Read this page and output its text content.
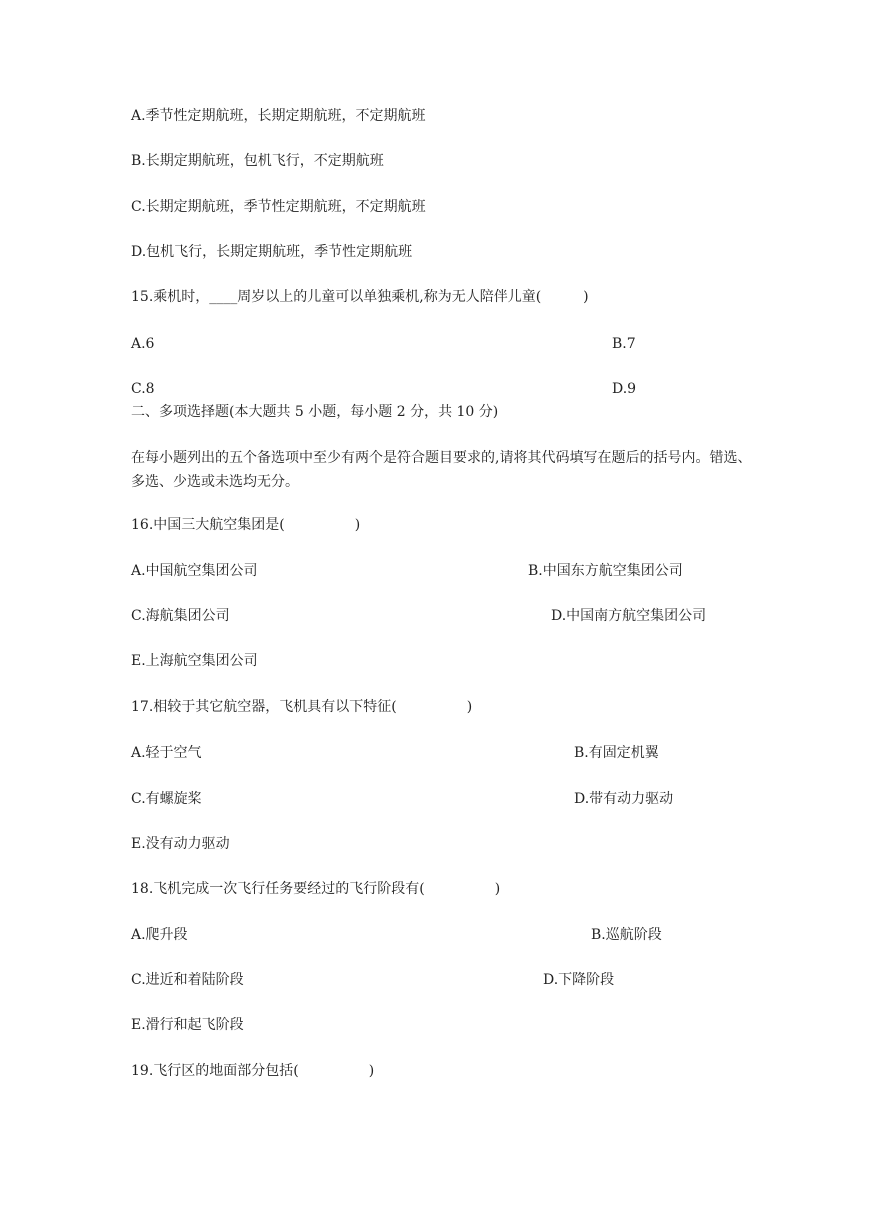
A.季节性定期航班，长期定期航班，不定期航班
B.长期定期航班，包机飞行，不定期航班
C.长期定期航班，季节性定期航班，不定期航班
D.包机飞行，长期定期航班，季节性定期航班
15.乘机时，____周岁以上的儿童可以单独乘机,称为无人陪伴儿童(　　　)
A.6	B.7
C.8	D.9
二、多项选择题(本大题共 5 小题，每小题 2 分，共 10 分)
在每小题列出的五个备选项中至少有两个是符合题目要求的,请将其代码填写在题后的括号内。错选、多选、少选或未选均无分。
16.中国三大航空集团是(　　　　　)
A.中国航空集团公司	B.中国东方航空集团公司
C.海航集团公司	D.中国南方航空集团公司
E.上海航空集团公司
17.相较于其它航空器，飞机具有以下特征(　　　　　)
A.轻于空气	B.有固定机翼
C.有螺旋桨	D.带有动力驱动
E.没有动力驱动
18.飞机完成一次飞行任务要经过的飞行阶段有(　　　　　)
A.爬升段	B.巡航阶段
C.进近和着陆阶段	D.下降阶段
E.滑行和起飞阶段
19.飞行区的地面部分包括(　　　　　)
